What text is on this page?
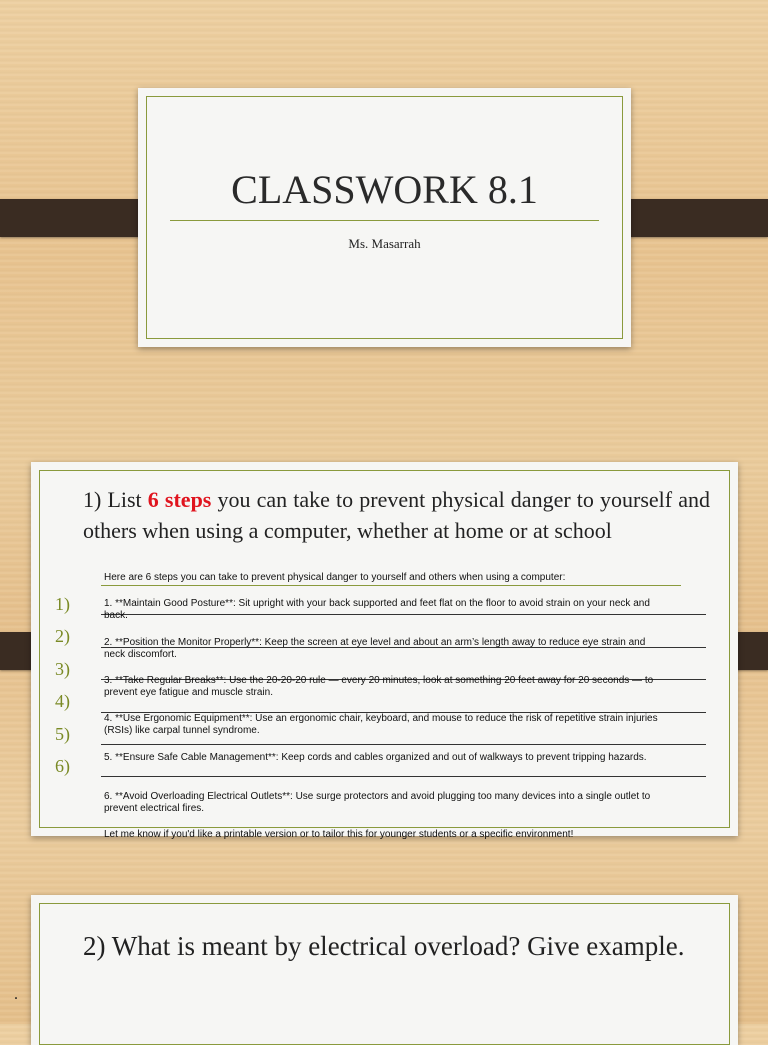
CLASSWORK 8.1
Ms. Masarrah
1) List 6 steps you can take to prevent physical danger to yourself and others when using a computer, whether at home or at school
1)
2)
3)
4)
5)
6)
Here are 6 steps you can take to prevent physical danger to yourself and others when using a computer:
1. **Maintain Good Posture**: Sit upright with your back supported and feet flat on the floor to avoid strain on your neck and back.
2. **Position the Monitor Properly**: Keep the screen at eye level and about an arm’s length away to reduce eye strain and neck discomfort.
3. **Take Regular Breaks**: Use the 20-20-20 rule — every 20 minutes, look at something 20 feet away for 20 seconds — to prevent eye fatigue and muscle strain.
4. **Use Ergonomic Equipment**: Use an ergonomic chair, keyboard, and mouse to reduce the risk of repetitive strain injuries (RSIs) like carpal tunnel syndrome.
5. **Ensure Safe Cable Management**: Keep cords and cables organized and out of walkways to prevent tripping hazards.
6. **Avoid Overloading Electrical Outlets**: Use surge protectors and avoid plugging too many devices into a single outlet to prevent electrical fires.
Let me know if you'd like a printable version or to tailor this for younger students or a specific environment!
2) What is meant by electrical overload? Give example.
.
